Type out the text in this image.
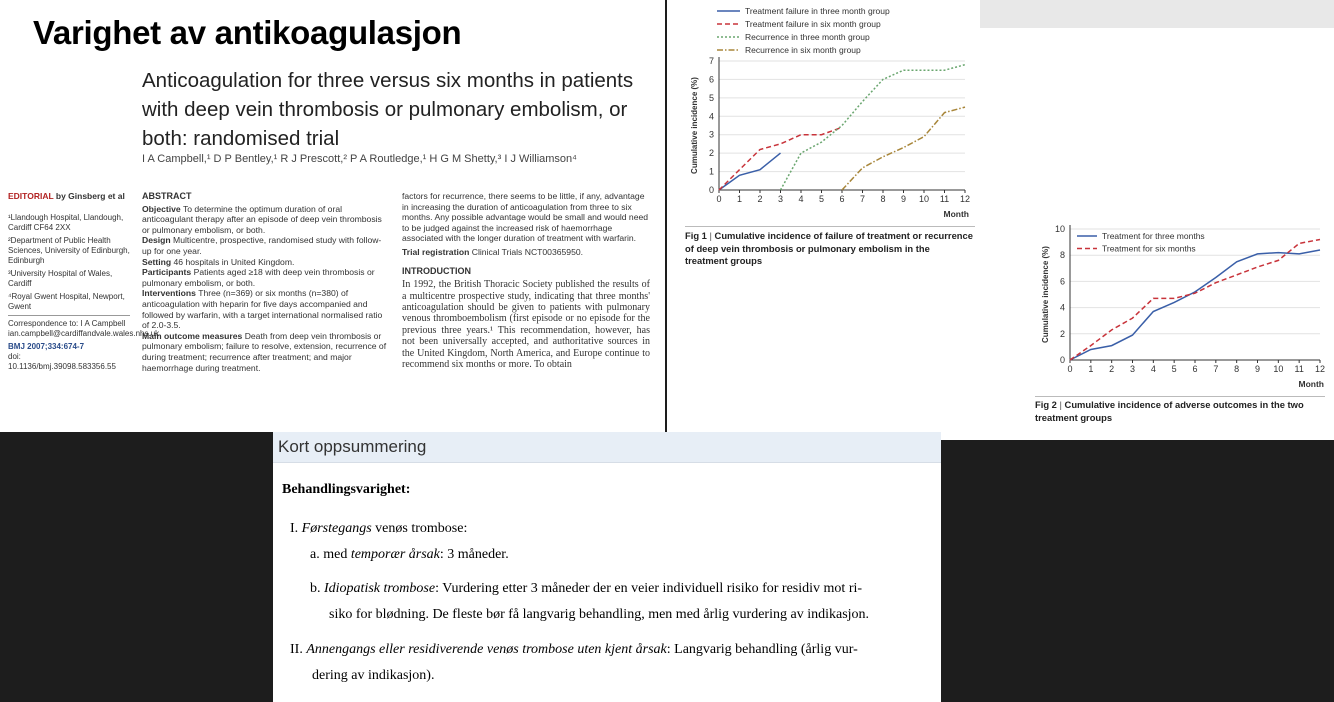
Varighet av antikoagulasjon
Anticoagulation for three versus six months in patients with deep vein thrombosis or pulmonary embolism, or both: randomised trial
I A Campbell,¹ D P Bentley,¹ R J Prescott,² P A Routledge,¹ H G M Shetty,³ I J Williamson⁴
EDITORIAL by Ginsberg et al
¹Llandough Hospital, Llandough, Cardiff CF64 2XX
²Department of Public Health Sciences, University of Edinburgh, Edinburgh
³University Hospital of Wales, Cardiff
⁴Royal Gwent Hospital, Newport, Gwent
Correspondence to: I A Campbell ian.campbell@cardiffandvale.wales.nhs.uk
BMJ 2007;334:674-7
doi: 10.1136/bmj.39098.583356.55
ABSTRACT
Objective To determine the optimum duration of oral anticoagulant therapy after an episode of deep vein thrombosis or pulmonary embolism, or both.
Design Multicentre, prospective, randomised study with follow-up for one year.
Setting 46 hospitals in United Kingdom.
Participants Patients aged ≥18 with deep vein thrombosis or pulmonary embolism, or both.
Interventions Three (n=369) or six months (n=380) of anticoagulation with heparin for five days accompanied and followed by warfarin, with a target international normalised ratio of 2.0-3.5.
Main outcome measures Death from deep vein thrombosis or pulmonary embolism; failure to resolve, extension, recurrence of during treatment; recurrence after treatment; and major haemorrhage during treatment.
factors for recurrence, there seems to be little, if any, advantage in increasing the duration of anticoagulation from three to six months. Any possible advantage would be small and would need to be judged against the increased risk of haemorrhage associated with the longer duration of treatment with warfarin.
Trial registration Clinical Trials NCT00365950.
INTRODUCTION
In 1992, the British Thoracic Society published the results of a multicentre prospective study, indicating that three months' anticoagulation should be given to patients with pulmonary venous thromboembolism (first episode or no episode for the previous three years.¹ This recommendation, however, has not been universally accepted, and authoritative sources in the United Kingdom, North America, and Europe continue to recommend six months or more. To obtain
0
1
2
3
4
5
6
7
0 1 2 3 4 5 6 7 8 9 10 11 12
Month
Cumulative incidence (%)
Treatment failure in three month group
Treatment failure in six month group
Recurrence in three month group
Recurrence in six month group
Fig 1 | Cumulative incidence of failure of treatment or recurrence of deep vein thrombosis or pulmonary embolism in the treatment groups
0
2
4
6
8
10
0 1 2 3 4 5 6 7 8 9 10 11 12
Month
Cumulative incidence (%)
Treatment for three months
Treatment for six months
Fig 2 | Cumulative incidence of adverse outcomes in the two treatment groups
Kort oppsummering
Behandlingsvarighet:
I. Førstegangs venøs trombose:
a. med temporær årsak: 3 måneder.
b. Idiopatisk trombose: Vurdering etter 3 måneder der en veier individuell risiko for residiv mot ri-
siko for blødning. De fleste bør få langvarig behandling, men med årlig vurdering av indikasjon.
II. Annengangs eller residiverende venøs trombose uten kjent årsak: Langvarig behandling (årlig vur-
dering av indikasjon).
